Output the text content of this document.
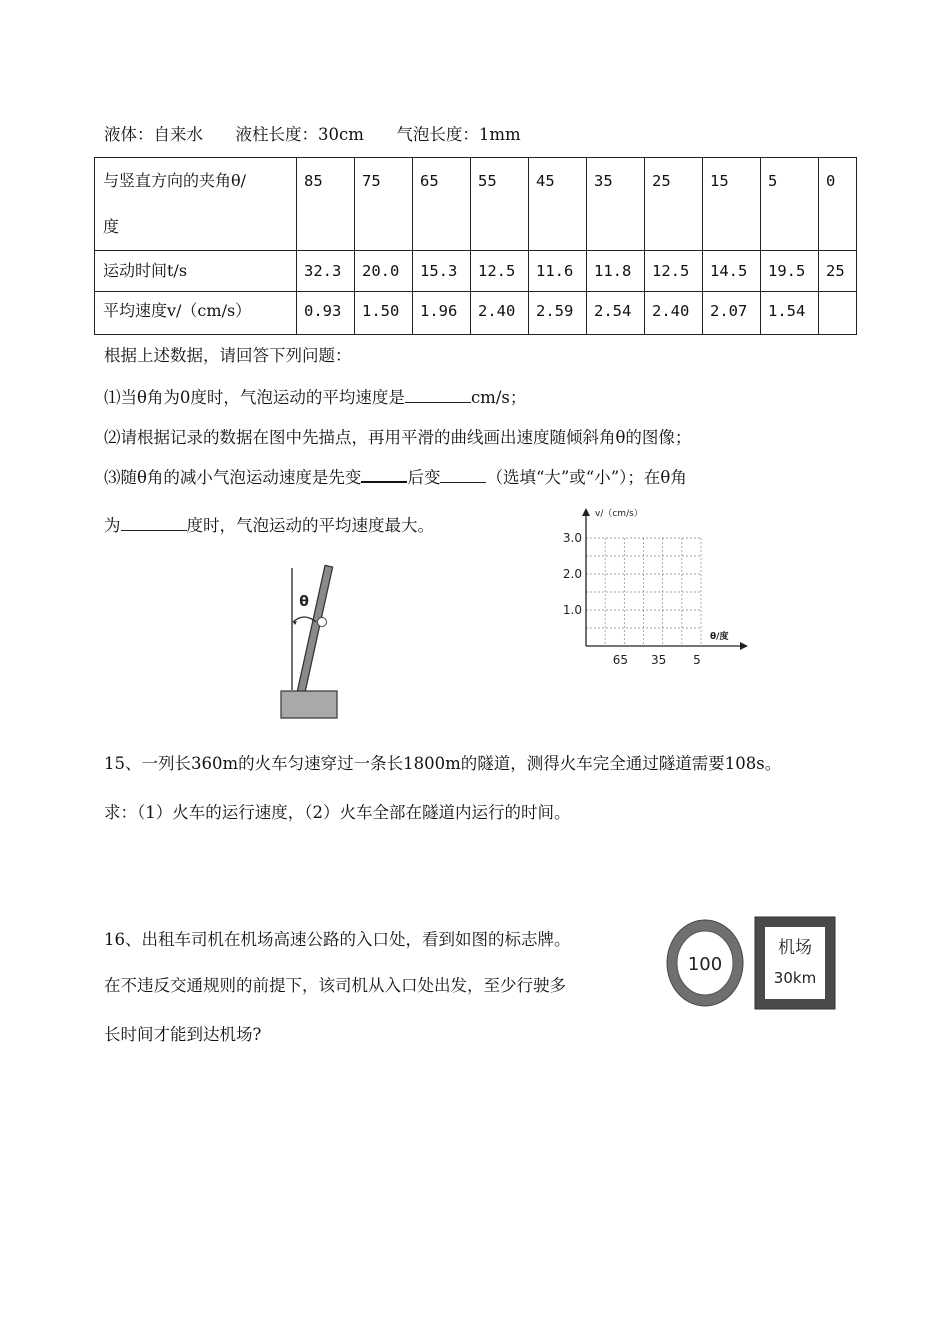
液体：自来水 液柱长度：30cm 气泡长度：1mm
与竖直方向的夹角θ/
度	85	75	65	55	45	35	25	15	5	0
运动时间t/s	32.3	20.0	15.3	12.5	11.6	11.8	12.5	14.5	19.5	25
平均速度v/（cm/s）	0.93	1.50	1.96	2.40	2.59	2.54	2.40	2.07	1.54	
根据上述数据，请回答下列问题：
⑴当θ角为0度时，气泡运动的平均速度是	cm/s；
⑵请根据记录的数据在图中先描点，再用平滑的曲线画出速度随倾斜角θ的图像；
⑶随θ角的减小气泡运动速度是先变	后变	（选填“大”或“小”）；在θ角
为	度时，气泡运动的平均速度最大。
θ
v/（cm/s）
θ/度
3.0
2.0
1.0
65 35 5
15、一列长360m的火车匀速穿过一条长1800m的隧道，测得火车完全通过隧道需要108s。
求：（1）火车的运行速度，（2）火车全部在隧道内运行的时间。
16、出租车司机在机场高速公路的入口处，看到如图的标志牌。
在不违反交通规则的前提下，该司机从入口处出发，至少行驶多
长时间才能到达机场?
100
机场
30km
